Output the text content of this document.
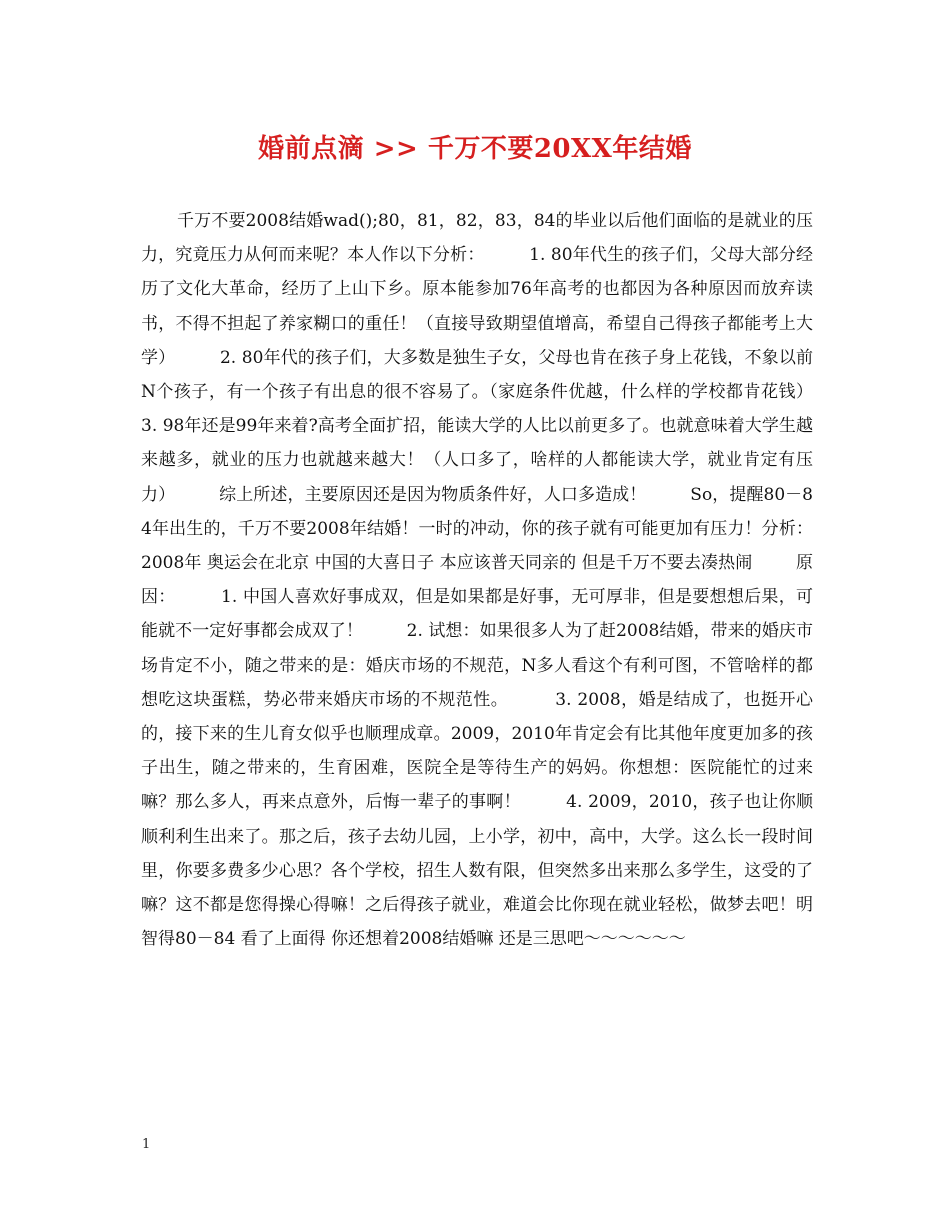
婚前点滴 >> 千万不要20XX年结婚

千万不要2008结婚wad();80，81，82，83，84的毕业以后他们面临的是就业的压力，究竟压力从何而来呢？本人作以下分析：        1. 80年代生的孩子们，父母大部分经历了文化大革命，经历了上山下乡。原本能参加76年高考的也都因为各种原因而放弃读书，不得不担起了养家糊口的重任！（直接导致期望值增高，希望自己得孩子都能考上大学）        2. 80年代的孩子们，大多数是独生子女，父母也肯在孩子身上花钱，不象以前N个孩子，有一个孩子有出息的很不容易了。（家庭条件优越，什么样的学校都肯花钱）        3. 98年还是99年来着?高考全面扩招，能读大学的人比以前更多了。也就意味着大学生越来越多，就业的压力也就越来越大！（人口多了，啥样的人都能读大学，就业肯定有压力）        综上所述，主要原因还是因为物质条件好，人口多造成！        So，提醒80－84年出生的，千万不要2008年结婚！一时的冲动，你的孩子就有可能更加有压力！分析：        2008年 奥运会在北京 中国的大喜日子 本应该普天同亲的 但是千万不要去凑热闹        原因：        1. 中国人喜欢好事成双，但是如果都是好事，无可厚非，但是要想想后果，可能就不一定好事都会成双了！        2. 试想：如果很多人为了赶2008结婚，带来的婚庆市场肯定不小，随之带来的是：婚庆市场的不规范，N多人看这个有利可图，不管啥样的都想吃这块蛋糕，势必带来婚庆市场的不规范性。        3. 2008，婚是结成了，也挺开心的，接下来的生儿育女似乎也顺理成章。2009，2010年肯定会有比其他年度更加多的孩子出生，随之带来的，生育困难，医院全是等待生产的妈妈。你想想：医院能忙的过来嘛？那么多人，再来点意外，后悔一辈子的事啊！        4. 2009，2010，孩子也让你顺顺利利生出来了。那之后，孩子去幼儿园，上小学，初中，高中，大学。这么长一段时间里，你要多费多少心思？各个学校，招生人数有限，但突然多出来那么多学生，这受的了嘛？这不都是您得操心得嘛！之后得孩子就业，难道会比你现在就业轻松，做梦去吧！明智得80－84 看了上面得 你还想着2008结婚嘛 还是三思吧～～～～～～

1
